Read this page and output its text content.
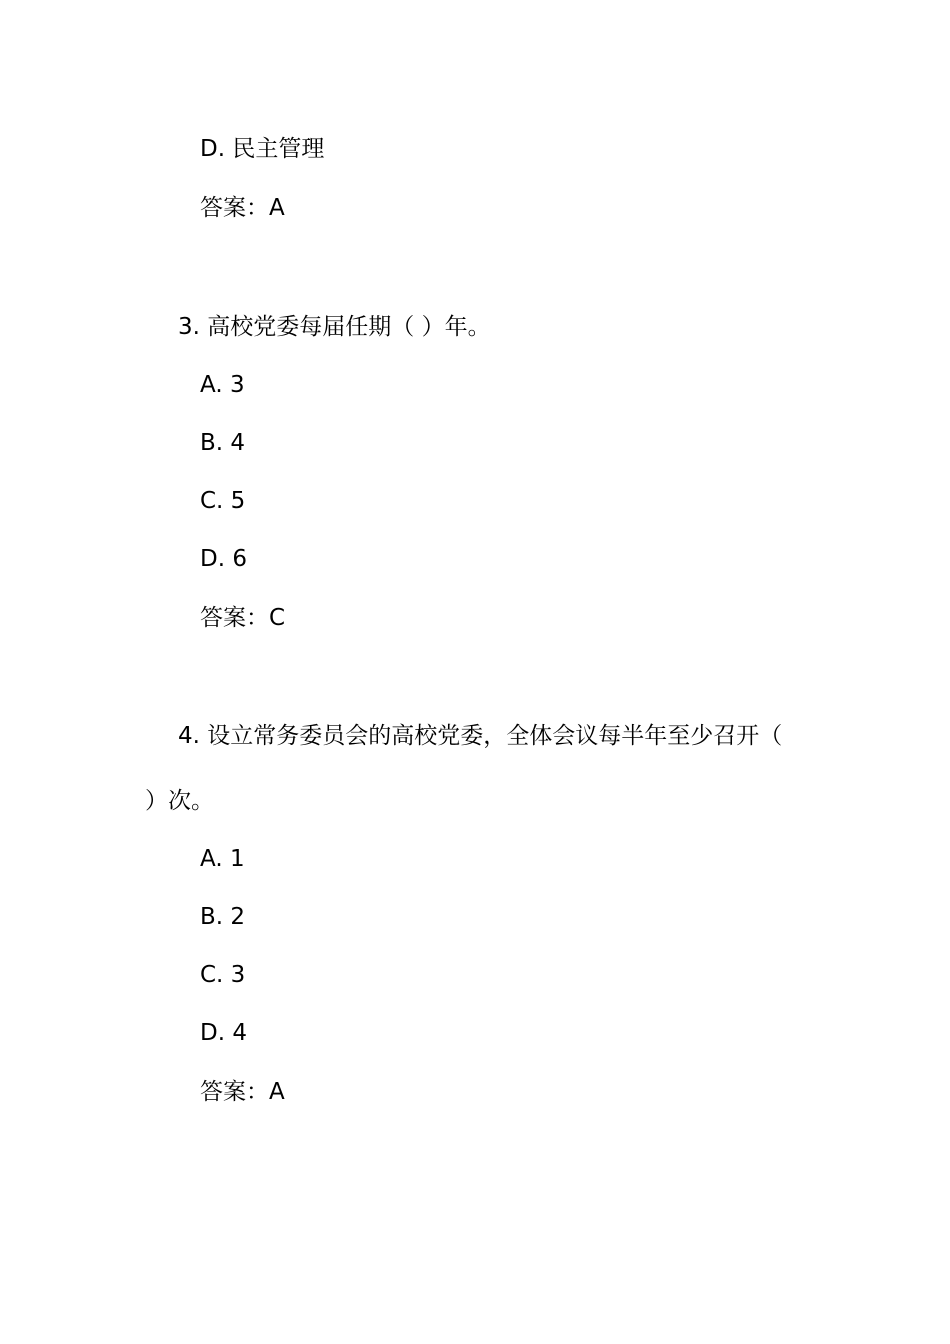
D. 民主管理
答案：A
3. 高校党委每届任期（ ）年。
A. 3
B. 4
C. 5
D. 6
答案：C
4. 设立常务委员会的高校党委，全体会议每半年至少召开（
）次。
A. 1
B. 2
C. 3
D. 4
答案：A
